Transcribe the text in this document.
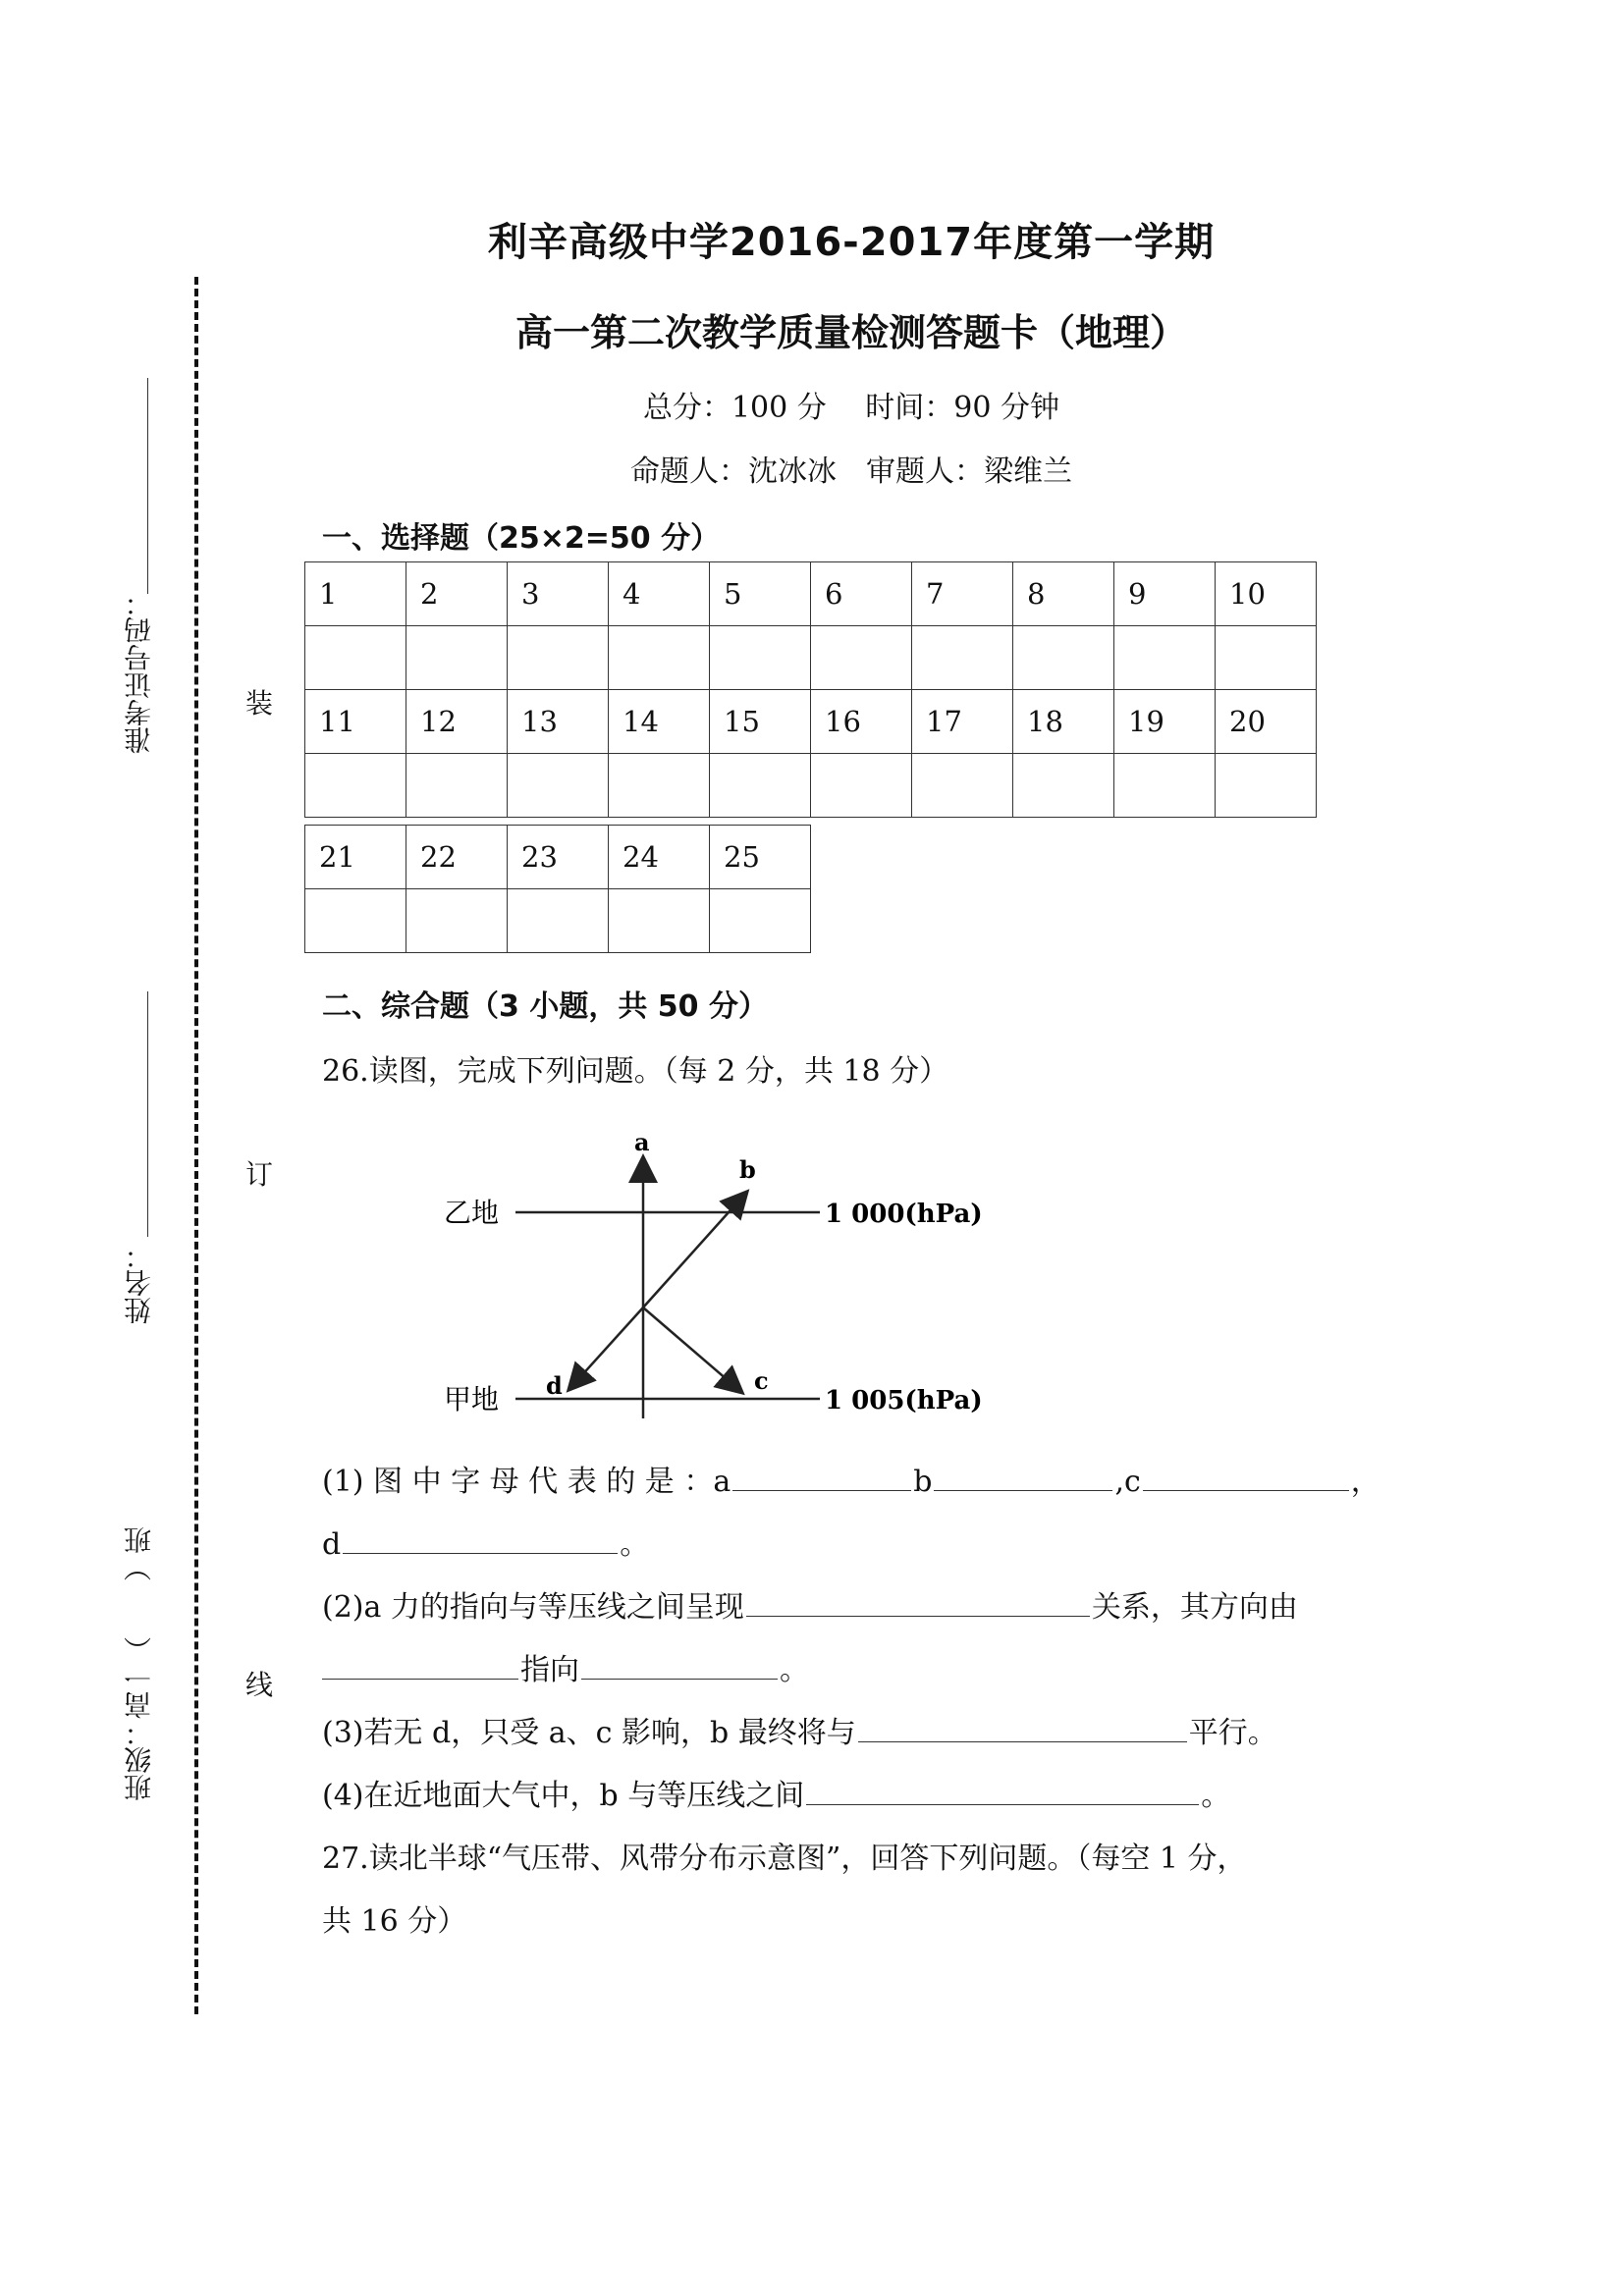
装
订
线
准考证号码：
姓名：
班级：高一（　　）班
利辛高级中学2016-2017年度第一学期
高一第二次教学质量检测答题卡（地理）
总分：100 分　 时间：90 分钟
命题人：沈冰冰　审题人：梁维兰
一、选择题（25×2=50 分）
1	2	3	4	5	6	7	8	9	10

11	12	13	14	15	16	17	18	19	20

21	22	23	24	25

二、综合题（3 小题，共 50 分）
26.读图，完成下列问题。（每 2 分，共 18 分）
a
b
c
d
乙地
甲地
1 000(hPa)
1 005(hPa)
(1) 图 中 字 母 代 表 的 是 ：a	b	,c	，
d	。
(2)a 力的指向与等压线之间呈现	关系，其方向由
指向	。
(3)若无 d，只受 a、c 影响，b 最终将与	平行。
(4)在近地面大气中，b 与等压线之间	。
27.读北半球“气压带、风带分布示意图”，回答下列问题。（每空 1 分，
共 16 分）
